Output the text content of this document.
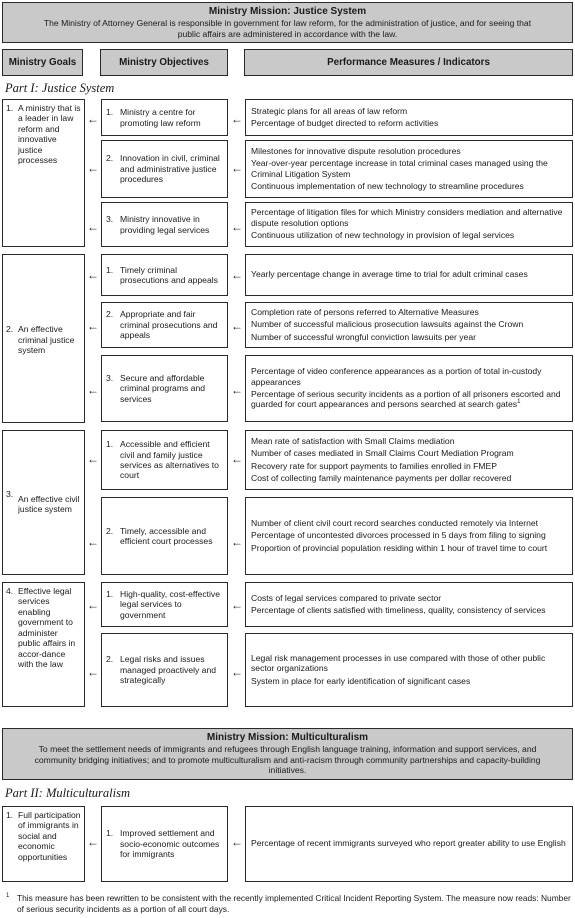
Ministry Mission: Justice System
The Ministry of Attorney General is responsible in government for law reform, for the administration of justice, and for seeing that public affairs are administered in accordance with the law.
Ministry Goals	Ministry Objectives	Performance Measures / Indicators
Part I: Justice System
1. A ministry that is a leader in law reform and innovative justice processes
2. An effective criminal justice system
3. An effective civil justice system
4. Effective legal services enabling government to administer public affairs in accor-dance with the law
←
←
←
←
←
←
←
←
←
←
1. Ministry a centre for promoting law reform
2. Innovation in civil, criminal and administrative justice procedures
3. Ministry innovative in providing legal services
1. Timely criminal prosecutions and appeals
2. Appropriate and fair criminal prosecutions and appeals
3. Secure and affordable criminal programs and services
1. Accessible and efficient civil and family justice services as alternatives to court
2. Timely, accessible and efficient court processes
1. High-quality, cost-effective legal services to government
2. Legal risks and issues managed proactively and strategically
←
←
←
←
←
←
←
←
←
←
Strategic plans for all areas of law reform
Percentage of budget directed to reform activities
Milestones for innovative dispute resolution procedures
Year-over-year percentage increase in total criminal cases managed using the Criminal Litigation System
Continuous implementation of new technology to streamline procedures
Percentage of litigation files for which Ministry considers mediation and alternative dispute resolution options
Continuous utilization of new technology in provision of legal services
Yearly percentage change in average time to trial for adult criminal cases
Completion rate of persons referred to Alternative Measures
Number of successful malicious prosecution lawsuits against the Crown
Number of successful wrongful conviction lawsuits per year
Percentage of video conference appearances as a portion of total in-custody appearances
Percentage of serious security incidents as a portion of all prisoners escorted and guarded for court appearances and persons searched at search gates$^1$
Mean rate of satisfaction with Small Claims mediation
Number of cases mediated in Small Claims Court Mediation Program
Recovery rate for support payments to families enrolled in FMEP
Cost of collecting family maintenance payments per dollar recovered
Number of client civil court record searches conducted remotely via Internet
Percentage of uncontested divorces processed in 5 days from filing to signing
Proportion of provincial population residing within 1 hour of travel time to court
Costs of legal services compared to private sector
Percentage of clients satisfied with timeliness, quality, consistency of services
Legal risk management processes in use compared with those of other public sector organizations
System in place for early identification of significant cases
Ministry Mission: Multiculturalism
To meet the settlement needs of immigrants and refugees through English language training, information and support services, and community bridging initiatives; and to promote multiculturalism and anti-racism through community partnerships and capacity-building initiatives.
Part II: Multiculturalism
1. Full participation of immigrants in social and economic opportunities
←
1. Improved settlement and socio-economic outcomes for immigrants
← Percentage of recent immigrants surveyed who report greater ability to use English
1 This measure has been rewritten to be consistent with the recently implemented Critical Incident Reporting System. The measure now reads: Number of serious security incidents as a portion of all court days.
